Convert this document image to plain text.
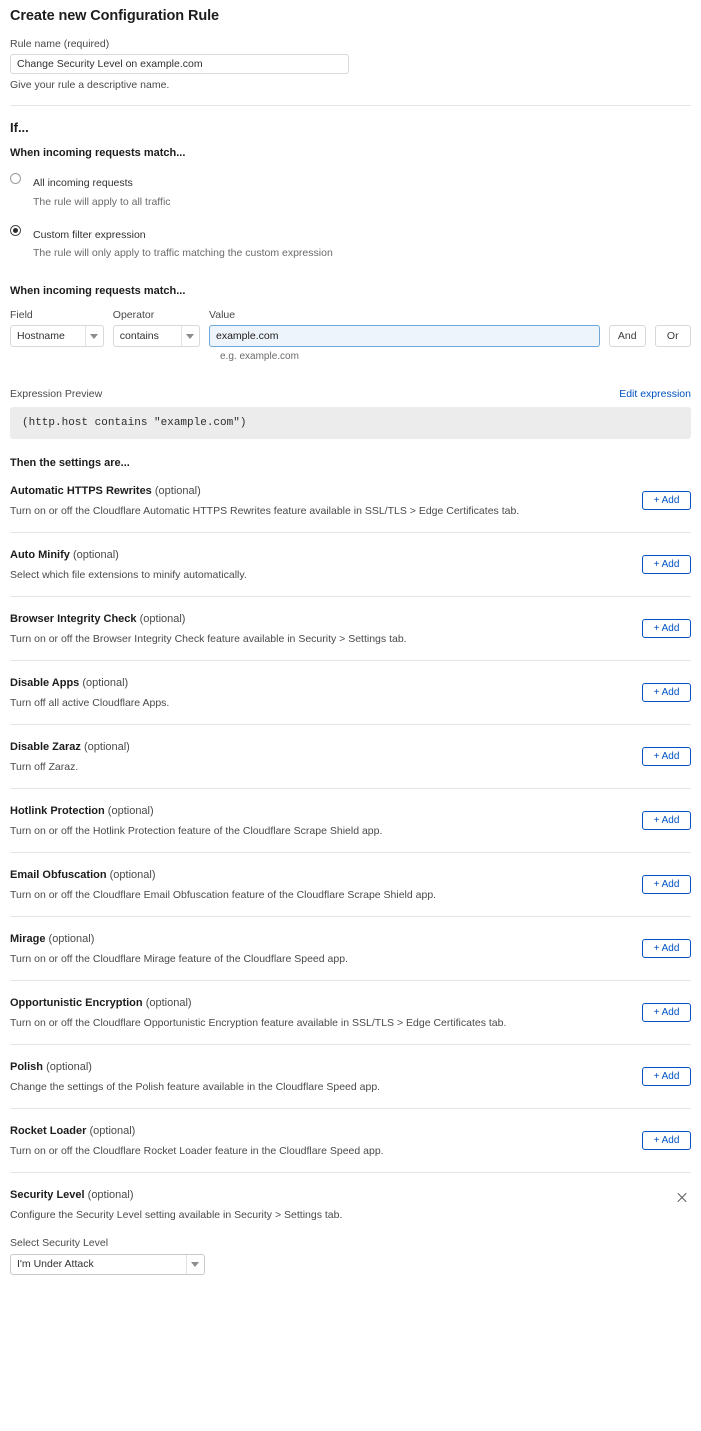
Create new Configuration Rule
Rule name (required)
Change Security Level on example.com
Give your rule a descriptive name.
If...
When incoming requests match...
All incoming requests
The rule will apply to all traffic
Custom filter expression
The rule will only apply to traffic matching the custom expression
When incoming requests match...
Field
Hostname
Operator
contains
Value
example.com
And	Or
e.g. example.com
Expression Preview	Edit expression
(http.host contains "example.com")
Then the settings are...
Automatic HTTPS Rewrites (optional)
Turn on or off the Cloudflare Automatic HTTPS Rewrites feature available in SSL/TLS > Edge Certificates tab.
+ Add
Auto Minify (optional)
Select which file extensions to minify automatically.
+ Add
Browser Integrity Check (optional)
Turn on or off the Browser Integrity Check feature available in Security > Settings tab.
+ Add
Disable Apps (optional)
Turn off all active Cloudflare Apps.
+ Add
Disable Zaraz (optional)
Turn off Zaraz.
+ Add
Hotlink Protection (optional)
Turn on or off the Hotlink Protection feature of the Cloudflare Scrape Shield app.
+ Add
Email Obfuscation (optional)
Turn on or off the Cloudflare Email Obfuscation feature of the Cloudflare Scrape Shield app.
+ Add
Mirage (optional)
Turn on or off the Cloudflare Mirage feature of the Cloudflare Speed app.
+ Add
Opportunistic Encryption (optional)
Turn on or off the Cloudflare Opportunistic Encryption feature available in SSL/TLS > Edge Certificates tab.
+ Add
Polish (optional)
Change the settings of the Polish feature available in the Cloudflare Speed app.
+ Add
Rocket Loader (optional)
Turn on or off the Cloudflare Rocket Loader feature in the Cloudflare Speed app.
+ Add
Security Level (optional)
Configure the Security Level setting available in Security > Settings tab.
Select Security Level
I'm Under Attack
